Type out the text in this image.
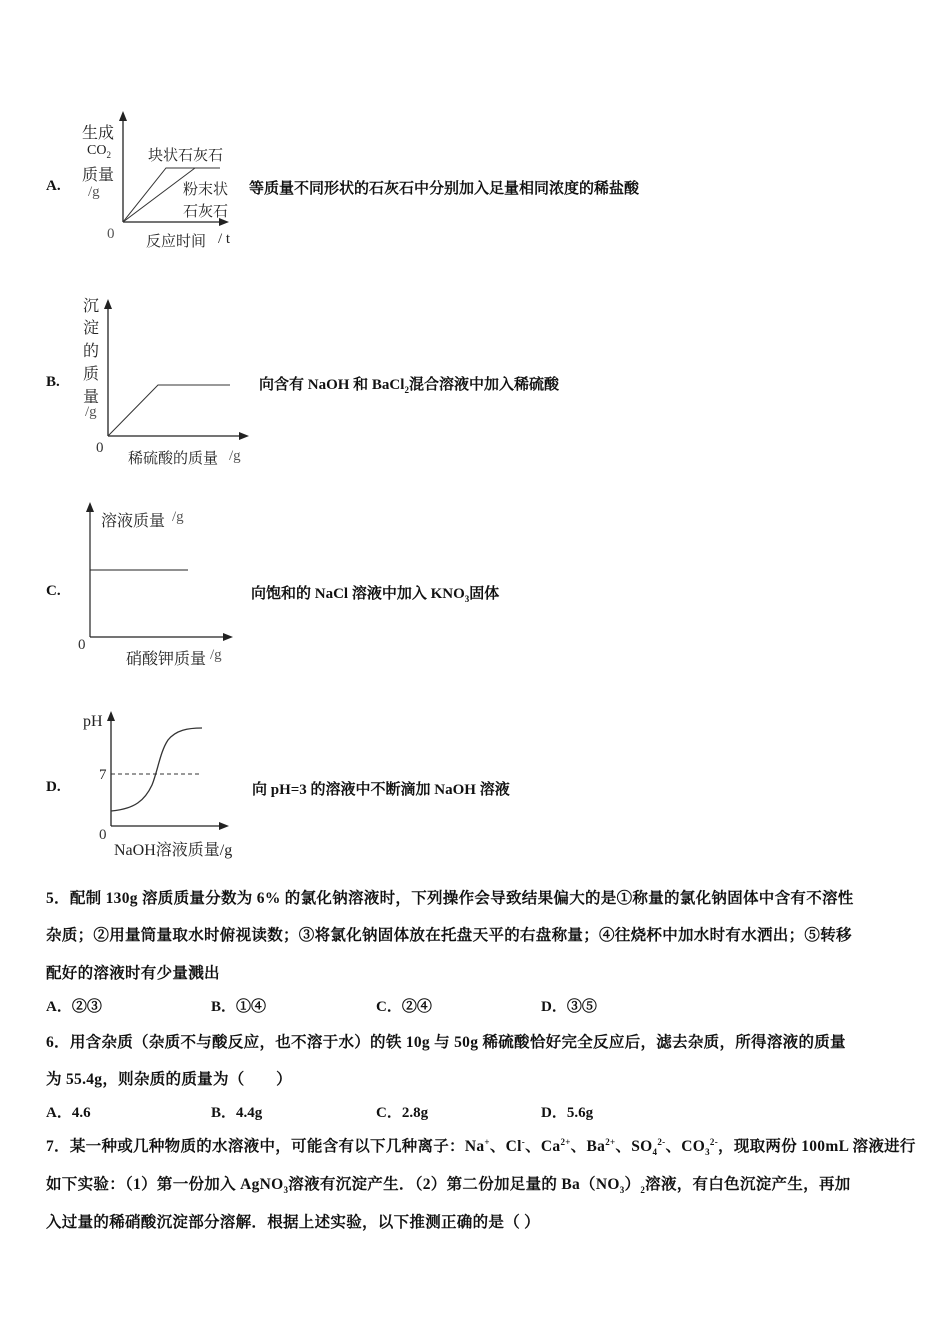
A.
生成
$CO_2$
质量
/g
0 反应时间 / t
块状石灰石
粉末状
石灰石
等质量不同形状的石灰石中分别加入足量相同浓度的稀盐酸
B.
沉
淀
的
质
量
/g
0
稀硫酸的质量 /g
向含有 NaOH 和 BaCl$_2$混合溶液中加入稀硫酸
C.
溶液质量 /g
0
硝酸钾质量 /g
向饱和的 NaCl 溶液中加入 $KNO_3$固体
D.
pH
7
0
NaOH溶液质量/g
向 pH=3 的溶液中不断滴加 NaOH 溶液
5．配制 130g 溶质质量分数为 6% 的氯化钠溶液时，下列操作会导致结果偏大的是①称量的氯化钠固体中含有不溶性
杂质；②用量筒量取水时俯视读数；③将氯化钠固体放在托盘天平的右盘称量；④往烧杯中加水时有水洒出；⑤转移
配好的溶液时有少量溅出
A．②③	B．①④	C．②④	D．③⑤
6．用含杂质（杂质不与酸反应，也不溶于水）的铁 10g 与 50g 稀硫酸恰好完全反应后，滤去杂质，所得溶液的质量
为 55.4g，则杂质的质量为（　　）
A．4.6	B．4.4g	C．2.8g	D．5.6g
7．某一种或几种物质的水溶液中，可能含有以下几种离子：Na+、Cl-、$Ca^{2+}$、$Ba^{2+}$、$SO_4^{2-}$、$CO_3^{2-}$，现取两份 100mL 溶液进行
如下实验：（1）第一份加入 AgNO$_3$溶液有沉淀产生．（2）第二份加足量的 $Ba(NO_3)_2$溶液，有白色沉淀产生，再加
入过量的稀硝酸沉淀部分溶解．根据上述实验，以下推测正确的是（ ）
